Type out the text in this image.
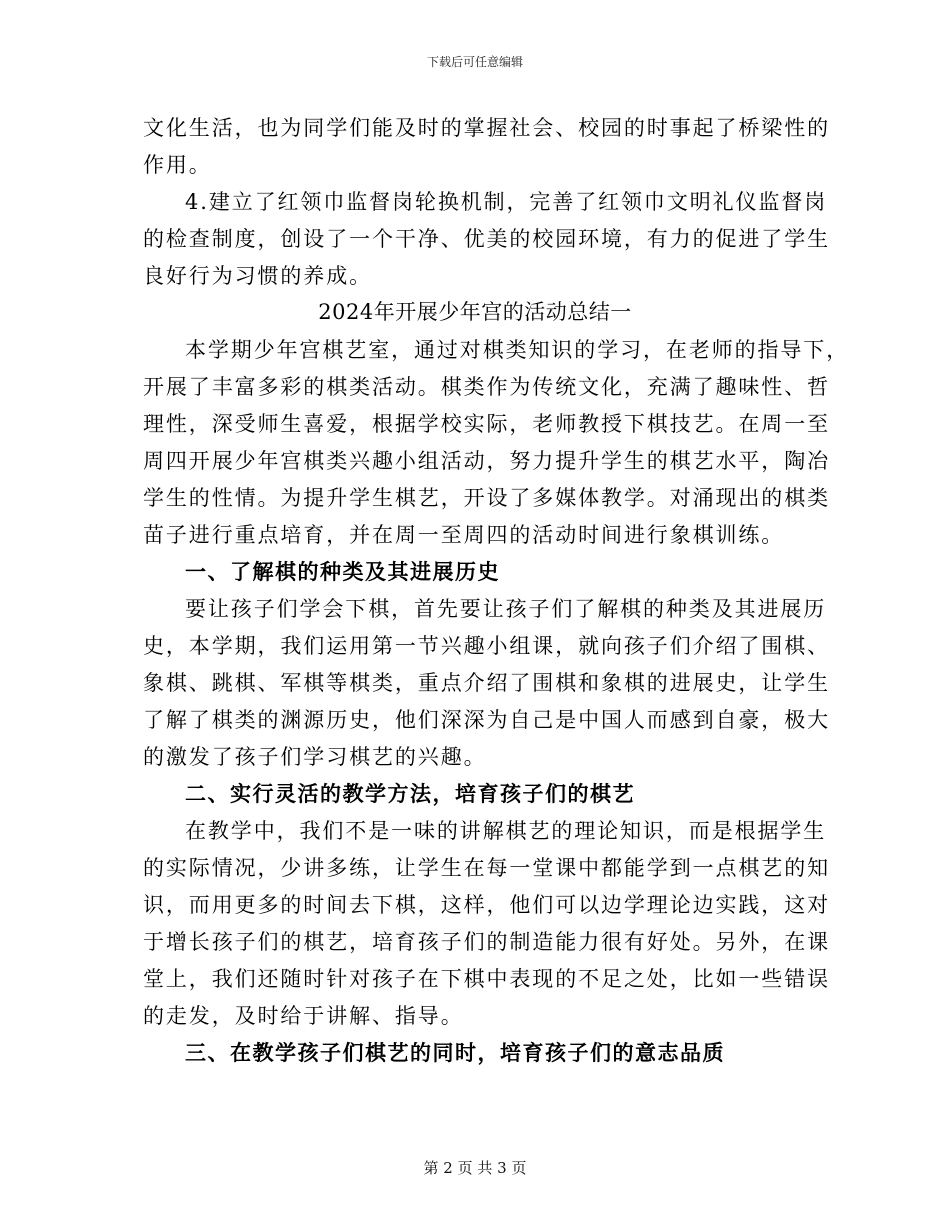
下载后可任意编辑
文化生活，也为同学们能及时的掌握社会、校园的时事起了桥梁性的
作用。
4.建立了红领巾监督岗轮换机制，完善了红领巾文明礼仪监督岗
的检查制度，创设了一个干净、优美的校园环境，有力的促进了学生
良好行为习惯的养成。
2024年开展少年宫的活动总结一
本学期少年宫棋艺室，通过对棋类知识的学习，在老师的指导下，
开展了丰富多彩的棋类活动。棋类作为传统文化，充满了趣味性、哲
理性，深受师生喜爱，根据学校实际，老师教授下棋技艺。在周一至
周四开展少年宫棋类兴趣小组活动，努力提升学生的棋艺水平，陶冶
学生的性情。为提升学生棋艺，开设了多媒体教学。对涌现出的棋类
苗子进行重点培育，并在周一至周四的活动时间进行象棋训练。
一、了解棋的种类及其进展历史
要让孩子们学会下棋，首先要让孩子们了解棋的种类及其进展历
史，本学期，我们运用第一节兴趣小组课，就向孩子们介绍了围棋、
象棋、跳棋、军棋等棋类，重点介绍了围棋和象棋的进展史，让学生
了解了棋类的渊源历史，他们深深为自己是中国人而感到自豪，极大
的激发了孩子们学习棋艺的兴趣。
二、实行灵活的教学方法，培育孩子们的棋艺
在教学中，我们不是一味的讲解棋艺的理论知识，而是根据学生
的实际情况，少讲多练，让学生在每一堂课中都能学到一点棋艺的知
识，而用更多的时间去下棋，这样，他们可以边学理论边实践，这对
于增长孩子们的棋艺，培育孩子们的制造能力很有好处。另外，在课
堂上，我们还随时针对孩子在下棋中表现的不足之处，比如一些错误
的走发，及时给于讲解、指导。
三、在教学孩子们棋艺的同时，培育孩子们的意志品质
第 2 页 共 3 页
